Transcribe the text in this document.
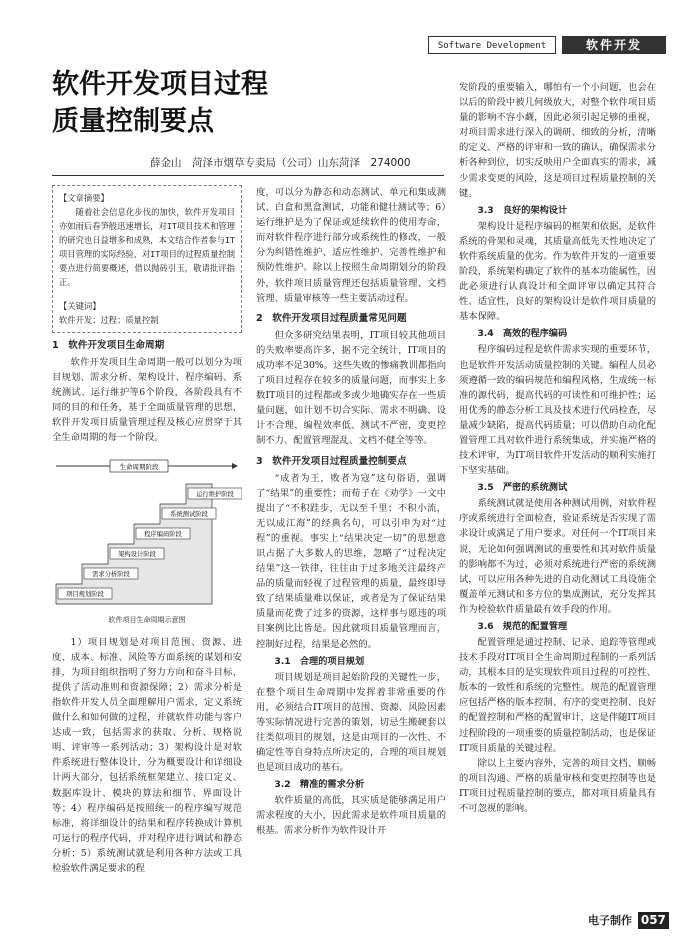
Software Development	软件开发
软件开发项目过程
质量控制要点
薛金山　菏泽市烟草专卖局（公司）山东菏泽　274000
【文章摘要】

随着社会信息化步伐的加快，软件开发项目亦如雨后春笋般迅速增长，对IT项目技术和管理的研究也日益增多和成熟，本文结合作者参与IT项目管理的实际经验，对IT项目的过程质量控制要点进行简要概述，借以抛砖引玉，敬请批评指正。

【关键词】
软件开发；过程；质量控制
1　软件开发项目生命周期

软件开发项目生命周期一般可以划分为项目规划、需求分析、架构设计、程序编码、系统测试、运行维护等6个阶段，各阶段具有不同的目的和任务，基于全面质量管理的思想，软件开发项目质量管理过程及核心应贯穿于其全生命周期的每一个阶段。

生命周期阶段
项目规划阶段
需求分析阶段
架构设计阶段
程序编码阶段
系统测试阶段
运行维护阶段
软件项目生命周期示意图

1）项目规划是对项目范围、资源、进度、成本、标准、风险等方面系统的谋划和安排，为项目组织指明了努力方向和奋斗目标，提供了活动准则和资源保障；2）需求分析是指软件开发人员全面理解用户需求，定义系统做什么和如何做的过程，并就软件功能与客户达成一致，包括需求的获取、分析、规格说明、评审等一系列活动；3）架构设计是对软件系统进行整体设计，分为概要设计和详细设计两大部分，包括系统框架建立、接口定义、数据库设计、模块的算法和细节、界面设计等；4）程序编码是按照统一的程序编写规范标准，将详细设计的结果和程序转换成计算机可运行的程序代码，并对程序进行调试和静态分析；5）系统测试就是利用各种方法或工具检验软件满足要求的程

度，可以分为静态和动态测试、单元和集成测试、白盒和黑盒测试，功能和健壮测试等；6）运行维护是为了保证或延续软件的使用寿命，而对软件程序进行部分或系统性的修改，一般分为纠错性维护、适应性维护、完善性维护和预防性维护。除以上按照生命周期划分的阶段外，软件项目质量管理还包括质量管理、文档管理、质量审核等一些主要活动过程。

2　软件开发项目过程质量常见问题

但众多研究结果表明，IT项目较其他项目的失败率要高许多，据不完全统计，IT项目的成功率不足30%。这些失败的惨痛教训都指向了项目过程存在较多的质量问题，而事实上多数IT项目的过程都或多或少地确实存在一些质量问题，如计划不切合实际、需求不明确、设计不合理、编程效率低、测试不严密，变更控制不力、配置管理混乱、文档不健全等等。

3　软件开发项目过程质量控制要点

“成者为王，败者为寇”这句俗语，强调了“结果”的重要性；而荀子在《劝学》一文中提出了“不积跬步，无以至千里；不积小流，无以成江海”的经典名句，可以引申为对“过程”的重视。事实上“结果决定一切”的思想意识占据了大多数人的思维，忽略了“过程决定结果”这一铁律，往往由于过多地关注最终产品的质量而轻视了过程管理的质量，最终即导致了结果质量难以保证，或者是为了保证结果质量而花费了过多的资源，这样事与愿违的项目案例比比皆是。因此就项目质量管理而言，控制好过程，结果是必然的。

3.1　合理的项目规划

项目规划是项目起始阶段的关键性一步，在整个项目生命周期中发挥着非常重要的作用，必须结合IT项目的范围、资源、风险因素等实际情况进行完善的策划，切忌生搬硬套以往类似项目的规划，这是由项目的一次性、不确定性等自身特点所决定的，合理的项目规划也是项目成功的基石。

3.2　精准的需求分析

软件质量的高低，其实质是能够满足用户需求程度的大小，因此需求是软件项目质量的根基。需求分析作为软件设计开

发阶段的重要输入，哪怕有一个小问题，也会在以后的阶段中被几何级放大，对整个软件项目质量的影响不容小觑，因此必须引起足够的重视，对项目需求进行深入的调研、细致的分析，清晰的定义、严格的评审和一致的确认，确保需求分析各种到位，切实反映用户全面真实的需求，减少需求变更的风险，这是项目过程质量控制的关键。

3.3　良好的架构设计

架构设计是程序编码的框架和依据，是软件系统的骨架和灵魂，其质量高低先天性地决定了软件系统质量的优劣。作为软件开发的一道重要阶段，系统架构确定了软件的基本功能属性，因此必须进行认真设计和全面评审以确定其符合性、适宜性，良好的架构设计是软件项目质量的基本保障。

3.4　高效的程序编码

程序编码过程是软件需求实现的重要环节，也是软件开发活动质量控制的关键。编程人员必须遵循一致的编码规范和编程风格，生成统一标准的源代码，提高代码的可读性和可维护性；运用优秀的静态分析工具及技术进行代码检查，尽量减少缺陷，提高代码质量；可以借助自动化配置管理工具对软件进行系统集成，并实施严格的技术评审，为IT项目软件开发活动的顺利实施打下坚实基础。

3.5　严密的系统测试

系统测试就是使用各种测试用例，对软件程序或系统进行全面检查，验证系统是否实现了需求设计或满足了用户要求。对任何一个IT项目来说，无论如何强调测试的重要性和其对软件质量的影响都不为过，必须对系统进行严密的系统测试，可以应用各种先进的自动化测试工具设施全覆盖单元测试和多方位的集成测试，充分发挥其作为检验软件质量最有效手段的作用。

3.6　规范的配置管理

配置管理是通过控制、记录、追踪等管理或技术手段对IT项目全生命周期过程制的一系列活动，其根本目的是实现软件项目过程的可控性、版本的一致性和系统的完整性。规范的配置管理应包括严格的版本控制、有序的变更控制、良好的配置控制和严格的配置审计，这是伴随IT项目过程阶段的一项重要的质量控制活动，也是保证IT项目质量的关键过程。

除以上主要内容外，完善的项目文档、顺畅的项目沟通、严格的质量审核和变更控制等也是IT项目过程质量控制的要点，都对项目质量具有不可忽视的影响。

电子制作 057
